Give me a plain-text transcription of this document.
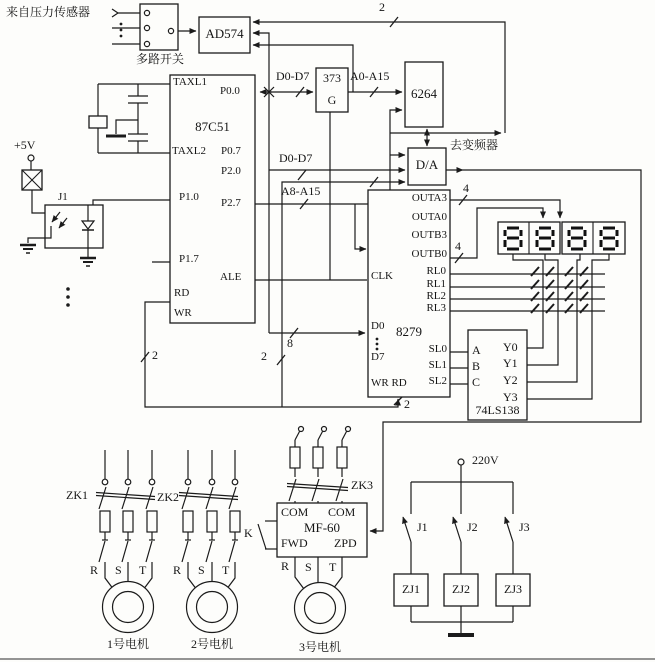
来自压力传感器
多路开关
AD574
2
D0-D7	A0-A15
373
G	6264
TAXL1
P0.0
87C51
TAXL2 P0.7
P2.0
P1.0 P2.7
P1.7
ALE
RD
WR
+5V
J1
D0-D7
A8-A15
去变频器
D/A
CLK
D0 8279
D7
WR RD
OUTA3
OUTA0
OUTB3
OUTB0
RL0
RL1
RL2
RL3
SL0
SL1
SL2
8
2	2
2
4
4
A
B
C
Y0
Y1
Y2
Y3
74LS138
ZK1	ZK2
ZK3
K
COM COM
MF-60
FWD ZPD
R S T R S T	R S T
1号电机	2号电机	3号电机
220V
J1	J2	J3
ZJ1	ZJ2	ZJ3
